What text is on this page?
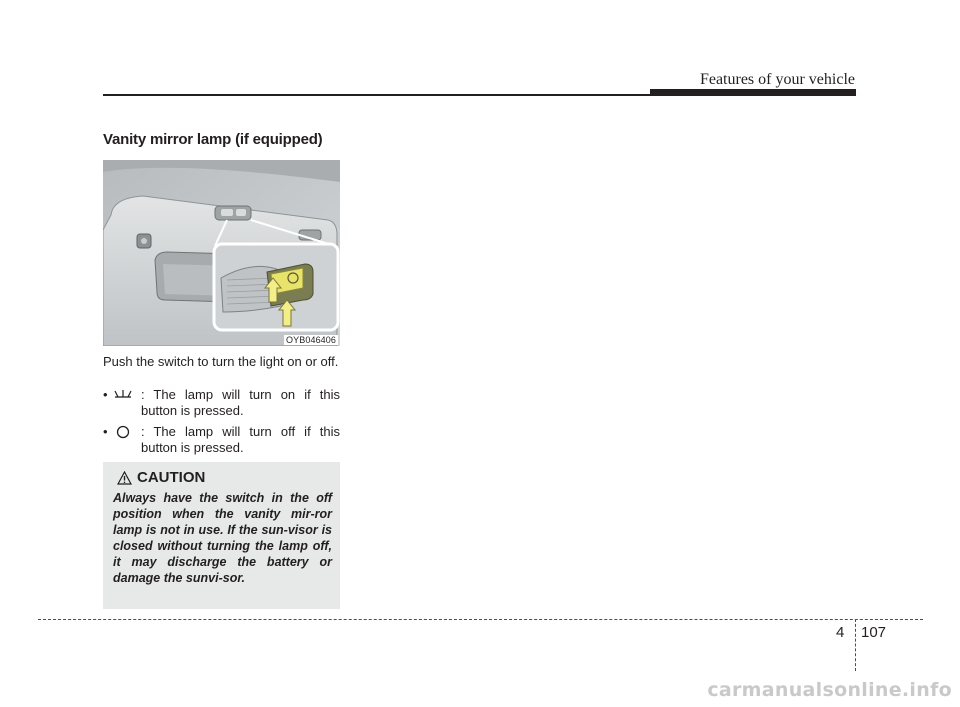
Features of your vehicle
Vanity mirror lamp (if equipped)
OYB046406
Push the switch to turn the light on or off.
•	: The lamp will turn on if this button is pressed.
•	: The lamp will turn off if this button is pressed.
CAUTION
Always have the switch in the off position when the vanity mir-ror lamp is not in use. If the sun-visor is closed without turning the lamp off, it may discharge the battery or damage the sunvi-sor.
4 107
carmanualsonline.info
